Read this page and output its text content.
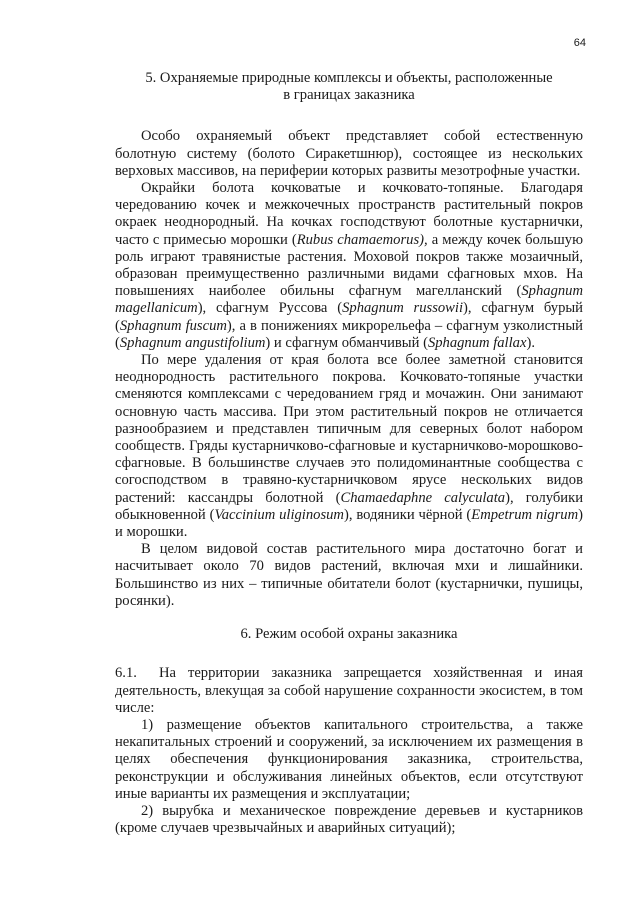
64
5. Охраняемые природные комплексы и объекты, расположенные
в границах заказника

Особо охраняемый объект представляет собой естественную болотную систему (болото Сиракетшнюр), состоящее из нескольких верховых массивов, на периферии которых развиты мезотрофные участки.

Окрайки болота кочковатые и кочковато-топяные. Благодаря чередованию кочек и межкочечных пространств растительный покров окраек неоднородный. На кочках господствуют болотные кустарнички, часто с примесью морошки (Rubus chamaemorus), а между кочек большую роль играют травянистые растения. Моховой покров также мозаичный, образован преимущественно различными видами сфагновых мхов. На повышениях наиболее обильны сфагнум магелланский (Sphagnum magellanicum), сфагнум Руссова (Sphagnum russowii), сфагнум бурый (Sphagnum fuscum), а в понижениях микрорельефа – сфагнум узколистный (Sphagnum angustifolium) и сфагнум обманчивый (Sphagnum fallax).

По мере удаления от края болота все более заметной становится неоднородность растительного покрова. Кочковато-топяные участки сменяются комплексами с чередованием гряд и мочажин. Они занимают основную часть массива. При этом растительный покров не отличается разнообразием и представлен типичным для северных болот набором сообществ. Гряды кустарничково-сфагновые и кустарничково-морошково-сфагновые. В большинстве случаев это полидоминантные сообщества с согосподством в травяно-кустарничковом ярусе нескольких видов растений: кассандры болотной (Chamaedaphne calyculata), голубики обыкновенной (Vaccinium uliginosum), водяники чёрной (Empetrum nigrum) и морошки.

В целом видовой состав растительного мира достаточно богат и насчитывает около 70 видов растений, включая мхи и лишайники. Большинство из них – типичные обитатели болот (кустарнички, пушицы, росянки).

6. Режим особой охраны заказника

6.1. На территории заказника запрещается хозяйственная и иная деятельность, влекущая за собой нарушение сохранности экосистем, в том числе:

1) размещение объектов капитального строительства, а также некапитальных строений и сооружений, за исключением их размещения в целях обеспечения функционирования заказника, строительства, реконструкции и обслуживания линейных объектов, если отсутствуют иные варианты их размещения и эксплуатации;

2) вырубка и механическое повреждение деревьев и кустарников (кроме случаев чрезвычайных и аварийных ситуаций);
